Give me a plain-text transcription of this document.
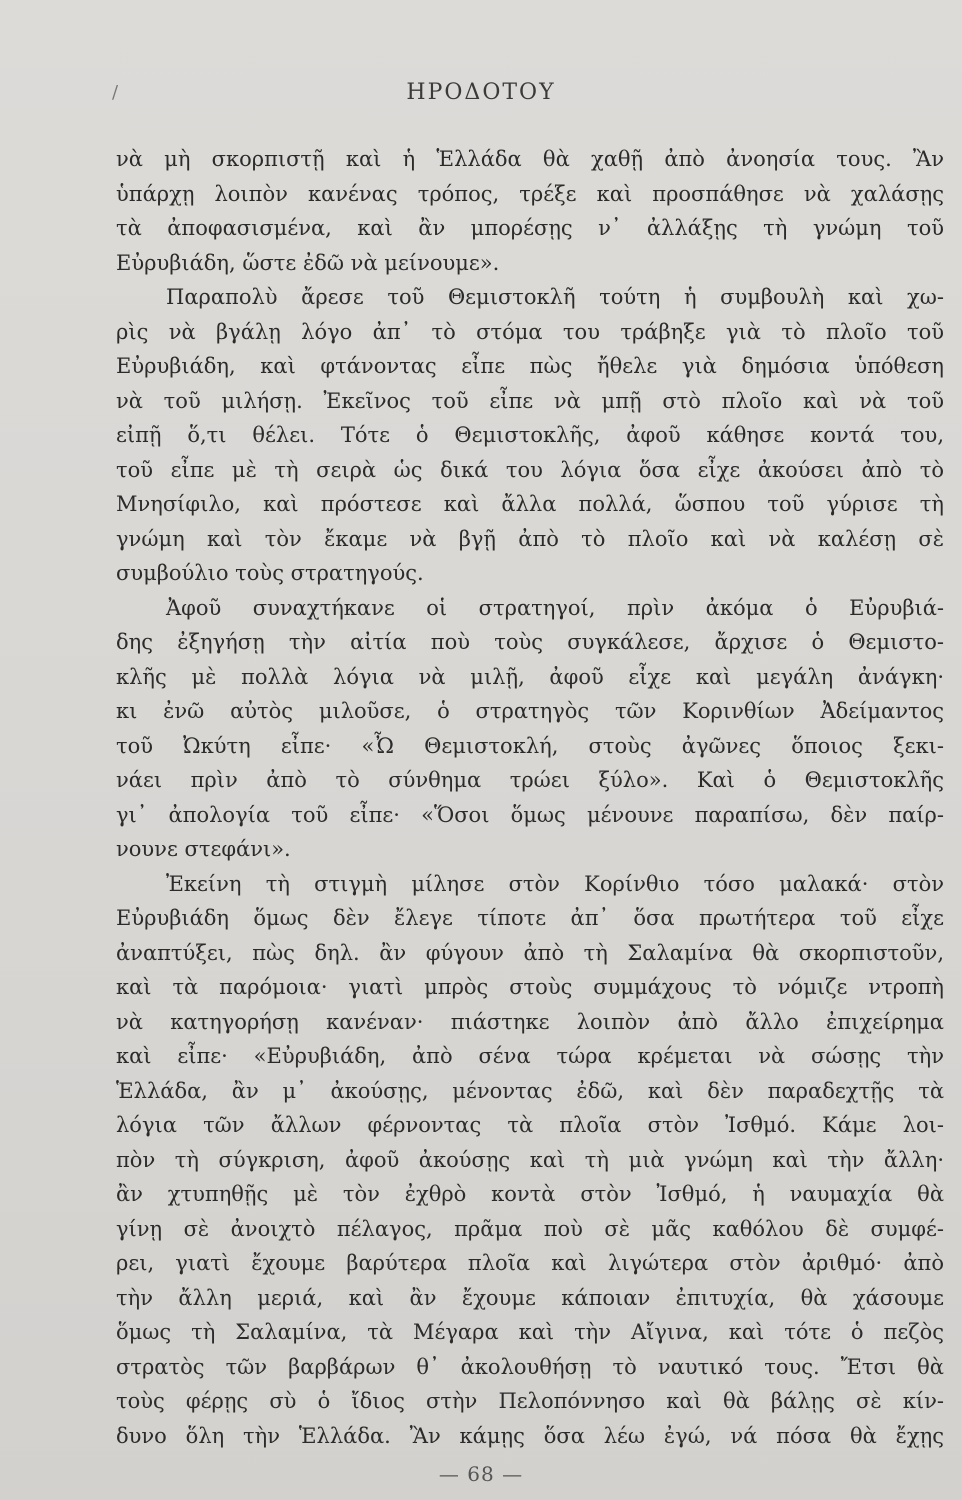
/	ΗΡΟΔΟΤΟΥ
νὰ μὴ σκορπιστῇ καὶ ἡ Ἑλλάδα θὰ χαθῇ ἀπὸ ἀνοησία τους. Ἂν
ὑπάρχῃ λοιπὸν κανένας τρόπος, τρέξε καὶ προσπάθησε νὰ χαλάσῃς
τὰ ἀποφασισμένα, καὶ ἂν μπορέσῃς ν᾿ ἀλλάξῃς τὴ γνώμη τοῦ
Εὐρυβιάδη, ὥστε ἐδῶ νὰ μείνουμε».
Παραπολὺ ἄρεσε τοῦ Θεμιστοκλῆ τούτη ἡ συμβουλὴ καὶ χω-
ρὶς νὰ βγάλῃ λόγο ἀπ᾿ τὸ στόμα του τράβηξε γιὰ τὸ πλοῖο τοῦ
Εὐρυβιάδη, καὶ φτάνοντας εἶπε πὼς ἤθελε γιὰ δημόσια ὑπόθεση
νὰ τοῦ μιλήσῃ. Ἐκεῖνος τοῦ εἶπε νὰ μπῇ στὸ πλοῖο καὶ νὰ τοῦ
εἰπῇ ὅ,τι θέλει. Τότε ὁ Θεμιστοκλῆς, ἀφοῦ κάθησε κοντά του,
τοῦ εἶπε μὲ τὴ σειρὰ ὡς δικά του λόγια ὅσα εἶχε ἀκούσει ἀπὸ τὸ
Μνησίφιλο, καὶ πρόστεσε καὶ ἄλλα πολλά, ὥσπου τοῦ γύρισε τὴ
γνώμη καὶ τὸν ἔκαμε νὰ βγῇ ἀπὸ τὸ πλοῖο καὶ νὰ καλέσῃ σὲ
συμβούλιο τοὺς στρατηγούς.
Ἀφοῦ συναχτήκανε οἱ στρατηγοί, πρὶν ἀκόμα ὁ Εὐρυβιά-
δης ἐξηγήσῃ τὴν αἰτία ποὺ τοὺς συγκάλεσε, ἄρχισε ὁ Θεμιστο-
κλῆς μὲ πολλὰ λόγια νὰ μιλῇ, ἀφοῦ εἶχε καὶ μεγάλη ἀνάγκη·
κι ἐνῶ αὐτὸς μιλοῦσε, ὁ στρατηγὸς τῶν Κορινθίων Ἀδείμαντος
τοῦ Ὠκύτη εἶπε· «Ὦ Θεμιστοκλή, στοὺς ἀγῶνες ὅποιος ξεκι-
νάει πρὶν ἀπὸ τὸ σύνθημα τρώει ξύλο». Καὶ ὁ Θεμιστοκλῆς
γι᾿ ἀπολογία τοῦ εἶπε· «Ὅσοι ὅμως μένουνε παραπίσω, δὲν παίρ-
νουνε στεφάνι».
Ἐκείνη τὴ στιγμὴ μίλησε στὸν Κορίνθιο τόσο μαλακά· στὸν
Εὐρυβιάδη ὅμως δὲν ἔλεγε τίποτε ἀπ᾿ ὅσα πρωτήτερα τοῦ εἶχε
ἀναπτύξει, πὼς δηλ. ἂν φύγουν ἀπὸ τὴ Σαλαμίνα θὰ σκορπιστοῦν,
καὶ τὰ παρόμοια· γιατὶ μπρὸς στοὺς συμμάχους τὸ νόμιζε ντροπὴ
νὰ κατηγορήσῃ κανέναν· πιάστηκε λοιπὸν ἀπὸ ἄλλο ἐπιχείρημα
καὶ εἶπε· «Εὐρυβιάδη, ἀπὸ σένα τώρα κρέμεται νὰ σώσῃς τὴν
Ἑλλάδα, ἂν μ᾿ ἀκούσῃς, μένοντας ἐδῶ, καὶ δὲν παραδεχτῇς τὰ
λόγια τῶν ἄλλων φέρνοντας τὰ πλοῖα στὸν Ἰσθμό. Κάμε λοι-
πὸν τὴ σύγκριση, ἀφοῦ ἀκούσῃς καὶ τὴ μιὰ γνώμη καὶ τὴν ἄλλη·
ἂν χτυπηθῇς μὲ τὸν ἐχθρὸ κοντὰ στὸν Ἰσθμό, ἡ ναυμαχία θὰ
γίνῃ σὲ ἀνοιχτὸ πέλαγος, πρᾶμα ποὺ σὲ μᾶς καθόλου δὲ συμφέ-
ρει, γιατὶ ἔχουμε βαρύτερα πλοῖα καὶ λιγώτερα στὸν ἀριθμό· ἀπὸ
τὴν ἄλλη μεριά, καὶ ἂν ἔχουμε κάποιαν ἐπιτυχία, θὰ χάσουμε
ὅμως τὴ Σαλαμίνα, τὰ Μέγαρα καὶ τὴν Αἴγινα, καὶ τότε ὁ πεζὸς
στρατὸς τῶν βαρβάρων θ᾿ ἀκολουθήσῃ τὸ ναυτικό τους. Ἔτσι θὰ
τοὺς φέρῃς σὺ ὁ ἴδιος στὴν Πελοπόννησο καὶ θὰ βάλῃς σὲ κίν-
δυνο ὅλη τὴν Ἑλλάδα. Ἂν κάμῃς ὅσα λέω ἐγώ, νά πόσα θὰ ἔχῃς
— 68 —
